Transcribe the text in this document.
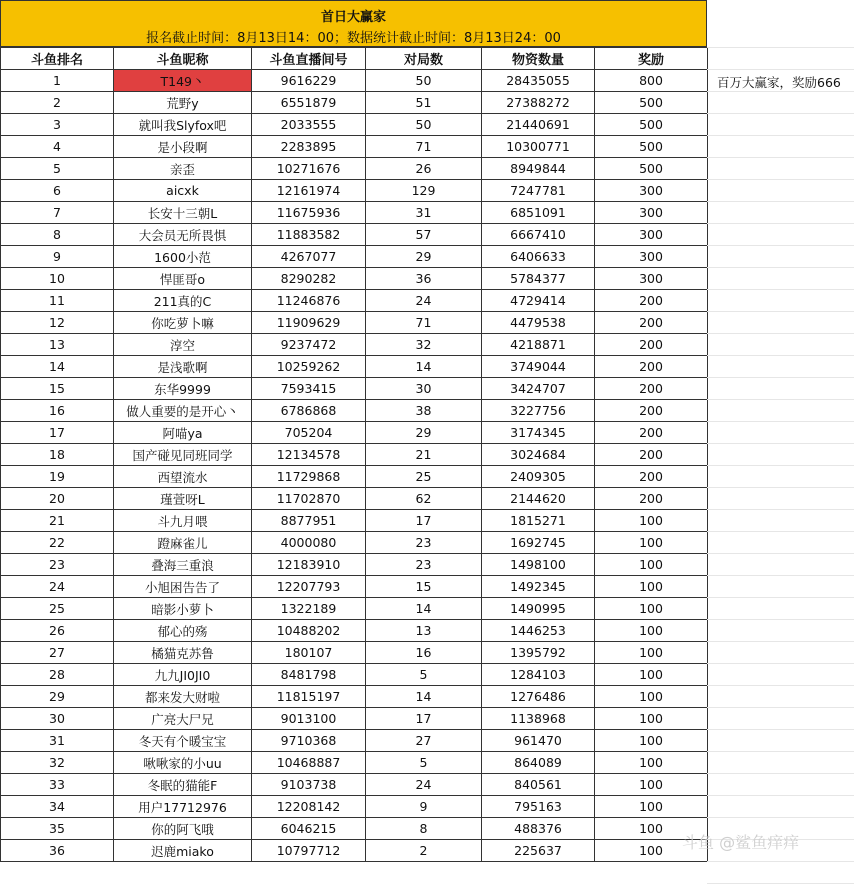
首日大赢家
报名截止时间：8月13日14：00；数据统计截止时间：8月13日24：00
斗鱼排名	斗鱼昵称	斗鱼直播间号	对局数	物资数量	奖励
1	T149丶	9616229	50	28435055	800
2	荒野y	6551879	51	27388272	500
3	就叫我Slyfox吧	2033555	50	21440691	500
4	是小段啊	2283895	71	10300771	500
5	亲歪	10271676	26	8949844	500
6	aicxk	12161974	129	7247781	300
7	长安十三朝L	11675936	31	6851091	300
8	大会员无所畏惧	11883582	57	6667410	300
9	1600小范	4267077	29	6406633	300
10	悍匪哥o	8290282	36	5784377	300
11	211真的C	11246876	24	4729414	200
12	你吃萝卜嘛	11909629	71	4479538	200
13	淳空	9237472	32	4218871	200
14	是浅歌啊	10259262	14	3749044	200
15	东华9999	7593415	30	3424707	200
16	做人重要的是开心丶	6786868	38	3227756	200
17	阿喵ya	705204	29	3174345	200
18	国产碰见同班同学	12134578	21	3024684	200
19	西望流水	11729868	25	2409305	200
20	瑾萱呀L	11702870	62	2144620	200
21	斗九月喂	8877951	17	1815271	100
22	蹬麻雀儿	4000080	23	1692745	100
23	叠海三重浪	12183910	23	1498100	100
24	小旭困告告了	12207793	15	1492345	100
25	暗影小萝卜	1322189	14	1490995	100
26	郁心的殇	10488202	13	1446253	100
27	橘猫克苏鲁	180107	16	1395792	100
28	九九JI0JI0	8481798	5	1284103	100
29	都来发大财啦	11815197	14	1276486	100
30	广亮大尸兄	9013100	17	1138968	100
31	冬天有个暖宝宝	9710368	27	961470	100
32	啾啾家的小uu	10468887	5	864089	100
33	冬眠的猫能F	9103738	24	840561	100
34	用户17712976	12208142	9	795163	100
35	你的阿飞哦	6046215	8	488376	100
36	迟鹿miako	10797712	2	225637	100
百万大赢家，奖励666
斗鱼 @鲨鱼痒痒
